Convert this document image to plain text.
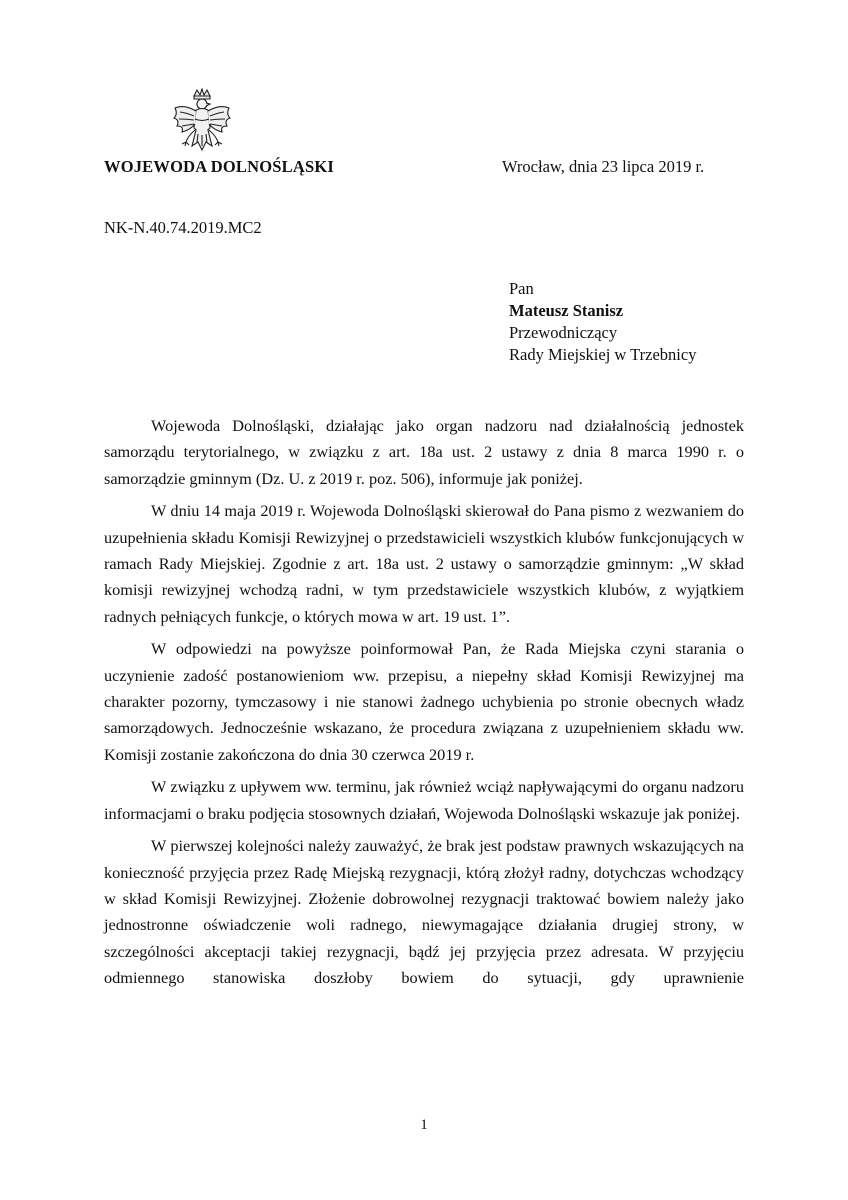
WOJEWODA DOLNOŚLĄSKI	Wrocław, dnia 23 lipca 2019 r.
NK-N.40.74.2019.MC2
Pan
Mateusz Stanisz
Przewodniczący
Rady Miejskiej w Trzebnicy

Wojewoda Dolnośląski, działając jako organ nadzoru nad działalnością jednostek samorządu terytorialnego, w związku z art. 18a ust. 2 ustawy z dnia 8 marca 1990 r. o samorządzie gminnym (Dz. U. z 2019 r. poz. 506), informuje jak poniżej.

W dniu 14 maja 2019 r. Wojewoda Dolnośląski skierował do Pana pismo z wezwaniem do uzupełnienia składu Komisji Rewizyjnej o przedstawicieli wszystkich klubów funkcjonujących w ramach Rady Miejskiej. Zgodnie z art. 18a ust. 2 ustawy o samorządzie gminnym: „W skład komisji rewizyjnej wchodzą radni, w tym przedstawiciele wszystkich klubów, z wyjątkiem radnych pełniących funkcje, o których mowa w art. 19 ust. 1”.

W odpowiedzi na powyższe poinformował Pan, że Rada Miejska czyni starania o uczynienie zadość postanowieniom ww. przepisu, a niepełny skład Komisji Rewizyjnej ma charakter pozorny, tymczasowy i nie stanowi żadnego uchybienia po stronie obecnych władz samorządowych. Jednocześnie wskazano, że procedura związana z uzupełnieniem składu ww. Komisji zostanie zakończona do dnia 30 czerwca 2019 r.

W związku z upływem ww. terminu, jak również wciąż napływającymi do organu nadzoru informacjami o braku podjęcia stosownych działań, Wojewoda Dolnośląski wskazuje jak poniżej.

W pierwszej kolejności należy zauważyć, że brak jest podstaw prawnych wskazujących na konieczność przyjęcia przez Radę Miejską rezygnacji, którą złożył radny, dotychczas wchodzący w skład Komisji Rewizyjnej. Złożenie dobrowolnej rezygnacji traktować bowiem należy jako jednostronne oświadczenie woli radnego, niewymagające działania drugiej strony, w szczególności akceptacji takiej rezygnacji, bądź jej przyjęcia przez adresata. W przyjęciu odmiennego stanowiska doszłoby bowiem do sytuacji, gdy uprawnienie

1
